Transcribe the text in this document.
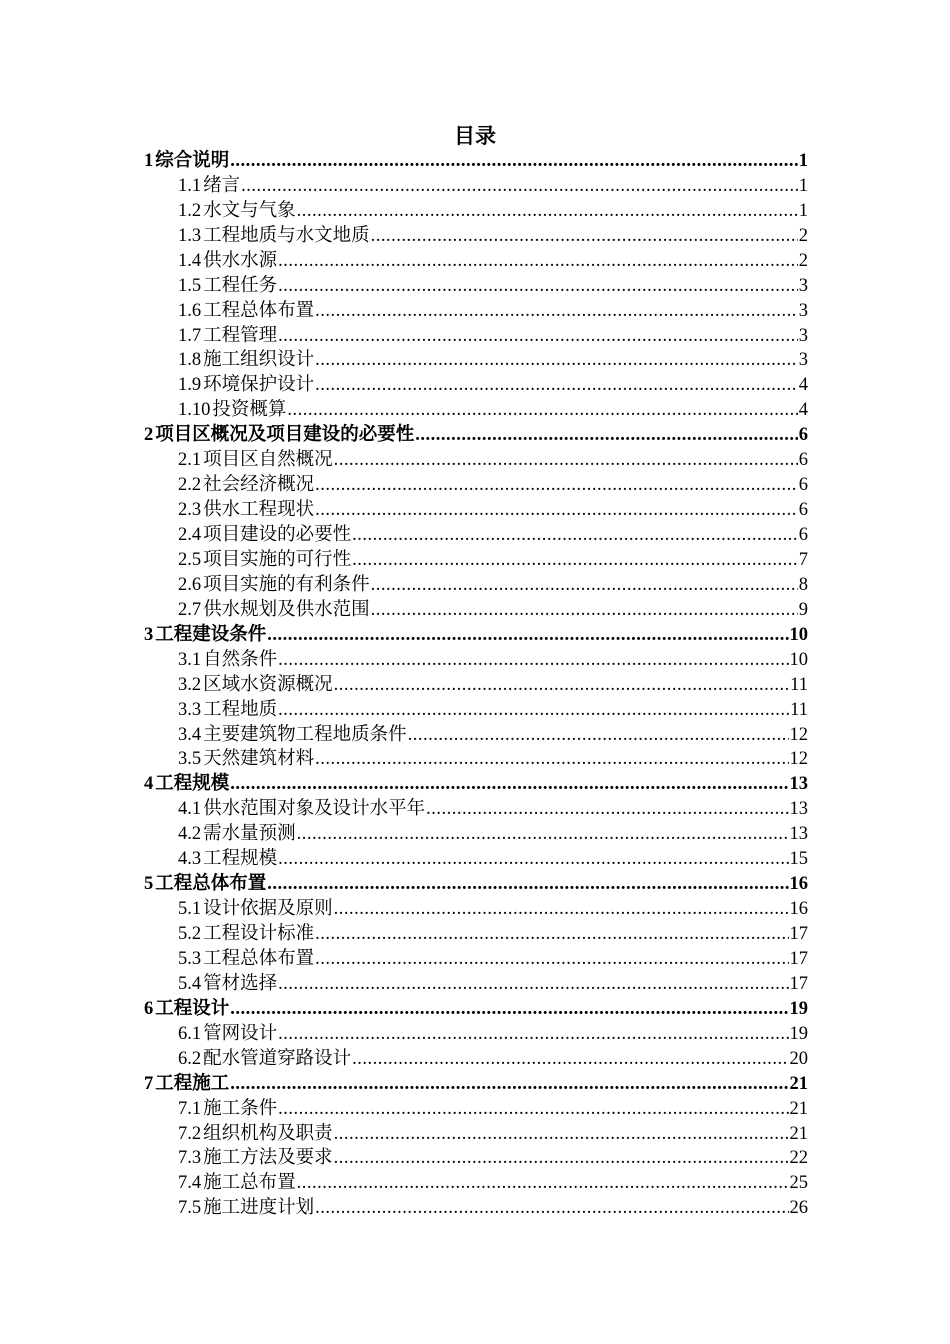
目录
1 综合说明 .....	1
1.1 绪言 .....	1
1.2 水文与气象 .....	1
1.3 工程地质与水文地质 .....	2
1.4 供水水源 .....	2
1.5 工程任务 .....	3
1.6 工程总体布置 .....	3
1.7 工程管理 .....	3
1.8 施工组织设计 .....	3
1.9 环境保护设计 .....	4
1.10 投资概算 .....	4
2 项目区概况及项目建设的必要性 .....	6
2.1 项目区自然概况 .....	6
2.2 社会经济概况 .....	6
2.3 供水工程现状 .....	6
2.4 项目建设的必要性 .....	6
2.5 项目实施的可行性 .....	7
2.6 项目实施的有利条件 .....	8
2.7 供水规划及供水范围 .....	9
3 工程建设条件 .....	10
3.1 自然条件 .....	10
3.2 区域水资源概况 .....	11
3.3 工程地质 .....	11
3.4 主要建筑物工程地质条件 .....	12
3.5 天然建筑材料 .....	12
4 工程规模 .....	13
4.1 供水范围对象及设计水平年 .....	13
4.2 需水量预测 .....	13
4.3 工程规模 .....	15
5 工程总体布置 .....	16
5.1 设计依据及原则 .....	16
5.2 工程设计标准 .....	17
5.3 工程总体布置 .....	17
5.4 管材选择 .....	17
6 工程设计 .....	19
6.1 管网设计 .....	19
6.2 配水管道穿路设计 .....	20
7 工程施工 .....	21
7.1 施工条件 .....	21
7.2 组织机构及职责 .....	21
7.3 施工方法及要求 .....	22
7.4 施工总布置 .....	25
7.5 施工进度计划 .....	26
